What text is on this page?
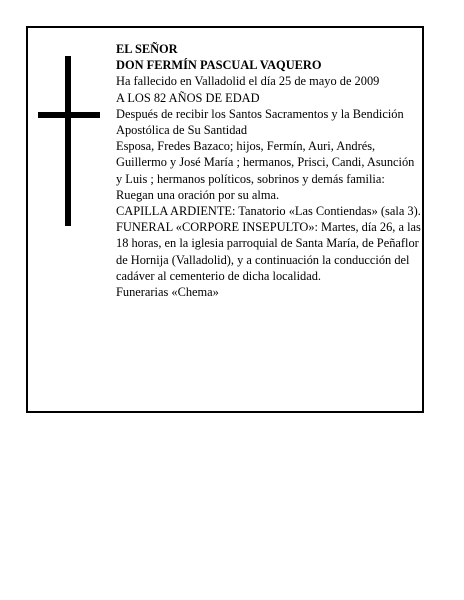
EL SEÑOR

DON FERMÍN PASCUAL VAQUERO

Ha fallecido en Valladolid el día 25 de mayo de 2009

A LOS 82 AÑOS DE EDAD

Después de recibir los Santos Sacramentos y la Bendición Apostólica de Su Santidad

Esposa, Fredes Bazaco; hijos, Fermín, Auri, Andrés, Guillermo y José María ; hermanos, Prisci, Candi, Asunción y Luis ; hermanos políticos, sobrinos y demás familia:

Ruegan una oración por su alma.

CAPILLA ARDIENTE: Tanatorio «Las Contiendas» (sala 3).

FUNERAL «CORPORE INSEPULTO»: Martes, día 26, a las 18 horas, en la iglesia parroquial de Santa María, de Peñaflor de Hornija (Valladolid), y a continuación la conducción del cadáver al cementerio de dicha localidad.

Funerarias «Chema»
